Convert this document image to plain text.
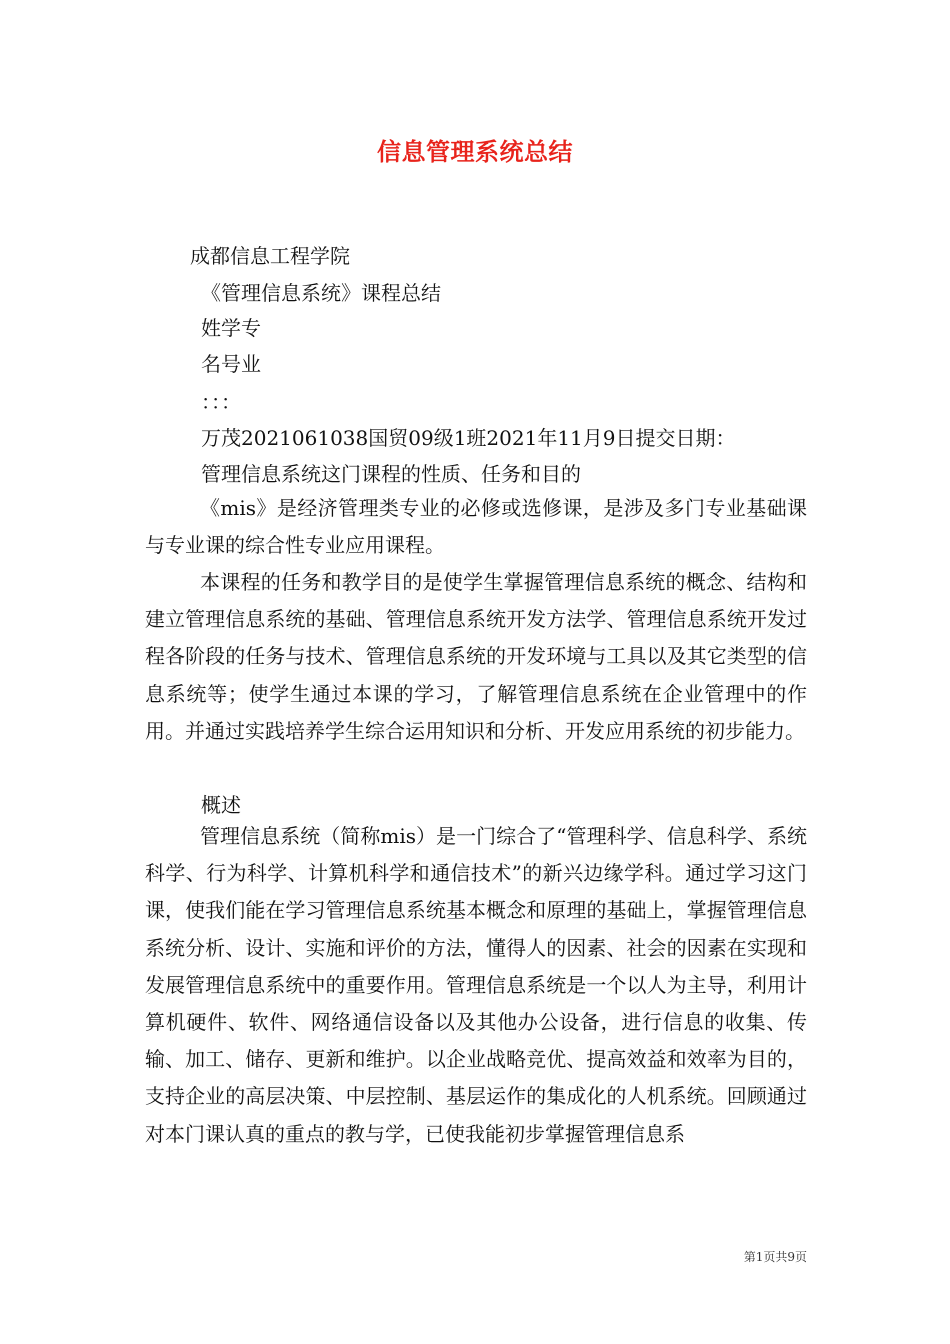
信息管理系统总结
成都信息工程学院
《管理信息系统》课程总结
姓学专
名号业
：：：
万茂2021061038国贸09级1班2021年11月9日提交日期：
管理信息系统这门课程的性质、任务和目的

《mis》是经济管理类专业的必修或选修课，是涉及多门专业基础课与专业课的综合性专业应用课程。

本课程的任务和教学目的是使学生掌握管理信息系统的概念、结构和建立管理信息系统的基础、管理信息系统开发方法学、管理信息系统开发过程各阶段的任务与技术、管理信息系统的开发环境与工具以及其它类型的信息系统等；使学生通过本课的学习，了解管理信息系统在企业管理中的作用。并通过实践培养学生综合运用知识和分析、开发应用系统的初步能力。

概述

管理信息系统（简称mis）是一门综合了“管理科学、信息科学、系统科学、行为科学、计算机科学和通信技术”的新兴边缘学科。通过学习这门课，使我们能在学习管理信息系统基本概念和原理的基础上，掌握管理信息系统分析、设计、实施和评价的方法，懂得人的因素、社会的因素在实现和发展管理信息系统中的重要作用。管理信息系统是一个以人为主导，利用计算机硬件、软件、网络通信设备以及其他办公设备，进行信息的收集、传输、加工、储存、更新和维护。以企业战略竞优、提高效益和效率为目的，支持企业的高层决策、中层控制、基层运作的集成化的人机系统。回顾通过对本门课认真的重点的教与学，已使我能初步掌握管理信息系

第1页共9页
